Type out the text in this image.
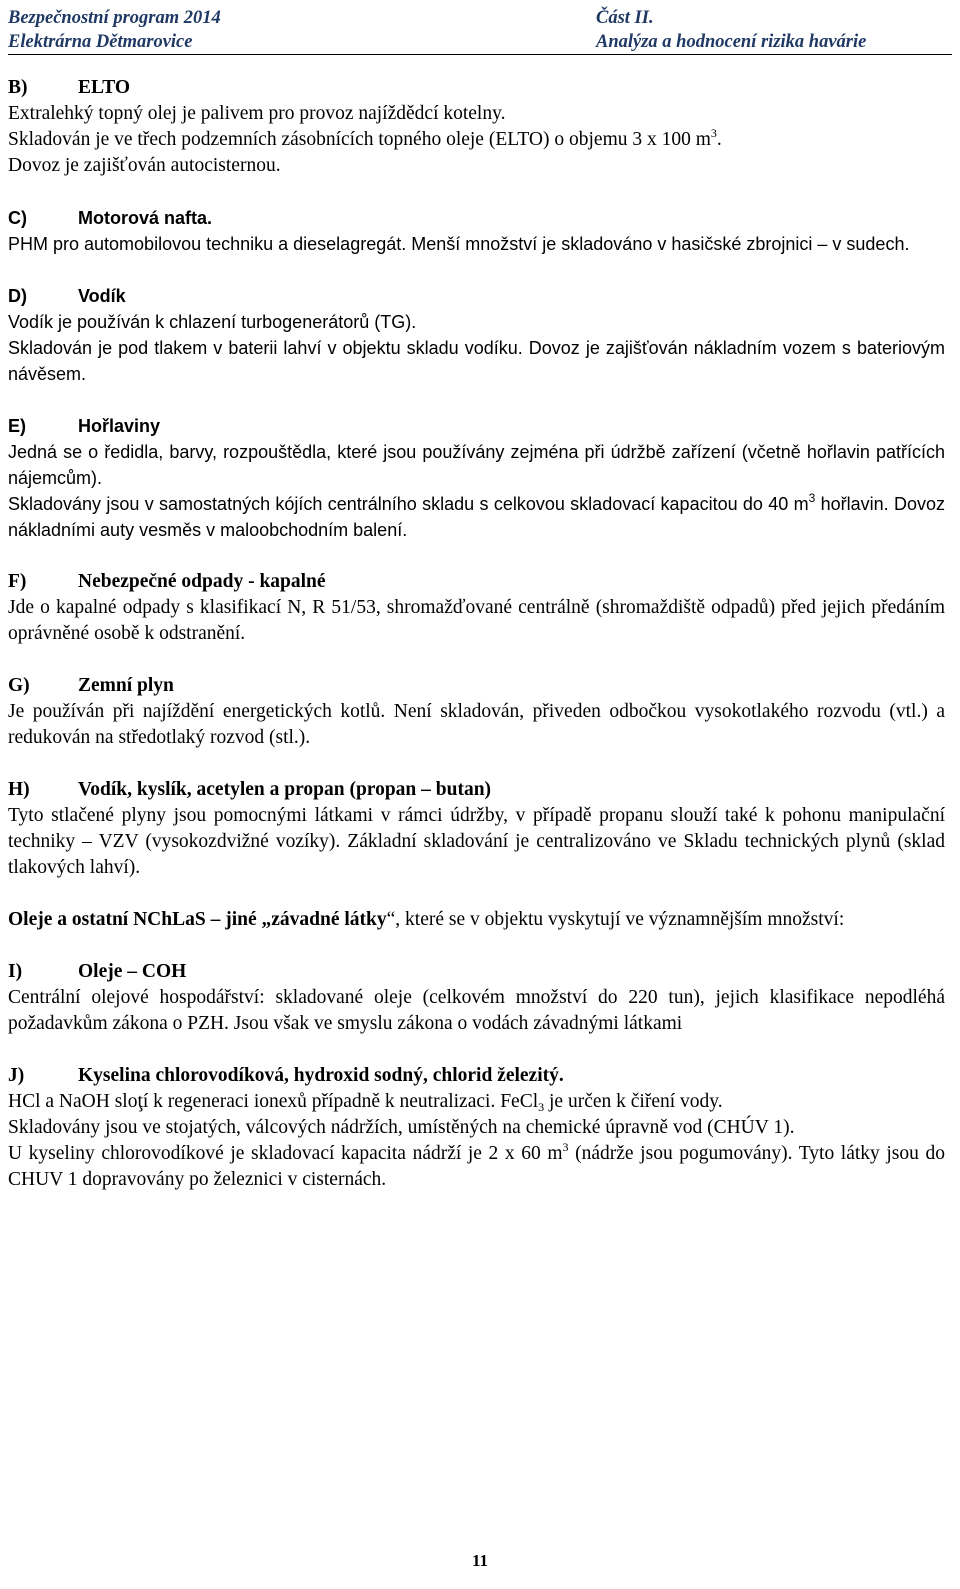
Bezpečnostní program 2014
Elektrárna Dětmarovice
Část II.
Analýza a hodnocení rizika havárie

B)	ELTO

Extralehký topný olej je palivem pro provoz najíždědcí kotelny.

Skladován je ve třech podzemních zásobnících topného oleje (ELTO) o objemu 3 x 100 $m^3$.

Dovoz je zajišťován autocisternou.

C)	Motorová nafta.

PHM pro automobilovou techniku a dieselagregát. Menší množství je skladováno v hasičské zbrojnici – v sudech.

D)	Vodík

Vodík je používán k chlazení turbogenerátorů (TG).

Skladován je pod tlakem v baterii lahví v objektu skladu vodíku. Dovoz je zajišťován nákladním vozem s bateriovým návěsem.

E)	Hořlaviny

Jedná se o ředidla, barvy, rozpouštědla, které jsou používány zejména při údržbě zařízení (včetně hořlavin patřících nájemcům).

Skladovány jsou v samostatných kójích centrálního skladu s celkovou skladovací kapacitou do 40 $m^3$ hořlavin. Dovoz nákladními auty vesměs v maloobchodním balení.

F)	Nebezpečné odpady - kapalné

Jde o kapalné odpady s klasifikací N, R 51/53, shromažďované centrálně (shromaždiště odpadů) před jejich předáním oprávněné osobě k odstranění.

G) Zemní plyn

Je používán při najíždění energetických kotlů. Není skladován, přiveden odbočkou vysokotlakého rozvodu (vtl.) a redukován na středotlaký rozvod (stl.).

H) Vodík, kyslík, acetylen a propan (propan – butan)

Tyto stlačené plyny jsou pomocnými látkami v rámci údržby, v případě propanu slouží také k pohonu manipulační techniky – VZV (vysokozdvižné vozíky). Základní skladování je centralizováno ve Skladu technických plynů (sklad tlakových lahví).

Oleje a ostatní NChLaS – jiné „závadné látky“, které se v objektu vyskytují ve významnějším množství:

I)	Oleje – COH

Centrální olejové hospodářství: skladované oleje (celkovém množství do 220 tun), jejich klasifikace nepodléhá požadavkům zákona o PZH. Jsou však ve smyslu zákona o vodách závadnými látkami

J)	Kyselina chlorovodíková, hydroxid sodný, chlorid železitý.

HCl a NaOH sloţí k regeneraci ionexů případně k neutralizaci. FeCl$_3$ je určen k čiření vody.

Skladovány jsou ve stojatých, válcových nádržích, umístěných na chemické úpravně vod (CHÚV 1).

U kyseliny chlorovodíkové je skladovací kapacita nádrží je 2 x 60 $m^3$ (nádrže jsou pogumovány). Tyto látky jsou do CHUV 1 dopravovány po železnici v cisternách.

11
